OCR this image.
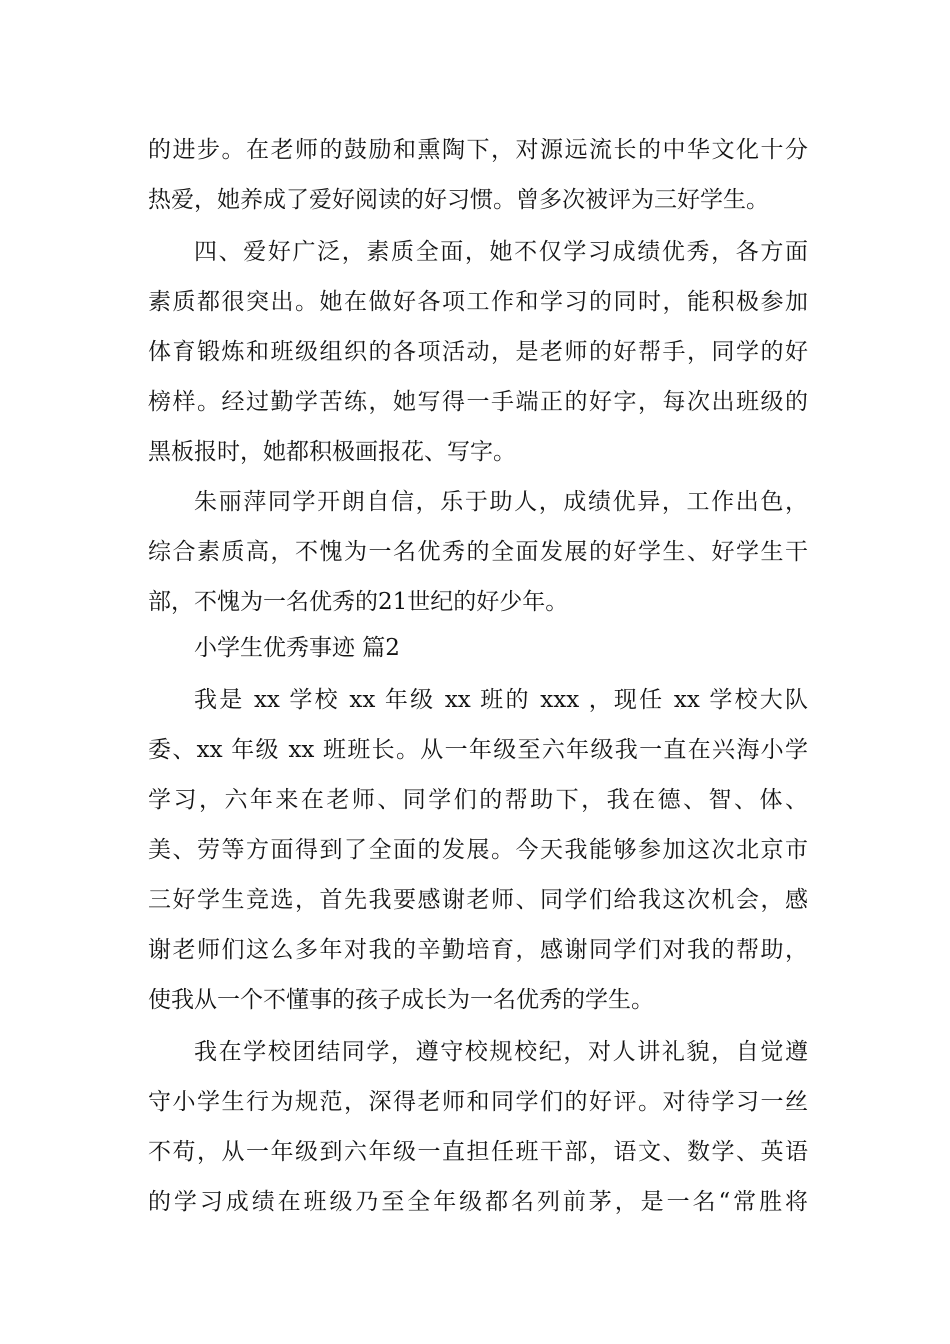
的进步。在老师的鼓励和熏陶下，对源远流长的中华文化十分
热爱，她养成了爱好阅读的好习惯。曾多次被评为三好学生。
四、爱好广泛，素质全面，她不仅学习成绩优秀，各方面
素质都很突出。她在做好各项工作和学习的同时，能积极参加
体育锻炼和班级组织的各项活动，是老师的好帮手，同学的好
榜样。经过勤学苦练，她写得一手端正的好字，每次出班级的
黑板报时，她都积极画报花、写字。
朱丽萍同学开朗自信，乐于助人，成绩优异，工作出色，
综合素质高，不愧为一名优秀的全面发展的好学生、好学生干
部，不愧为一名优秀的21世纪的好少年。
小学生优秀事迹 篇2
我是 xx 学校 xx 年级 xx 班的 xxx ，现任 xx 学校大队
委、xx 年级 xx 班班长。从一年级至六年级我一直在兴海小学
学习，六年来在老师、同学们的帮助下，我在德、智、体、
美、劳等方面得到了全面的发展。今天我能够参加这次北京市
三好学生竞选，首先我要感谢老师、同学们给我这次机会，感
谢老师们这么多年对我的辛勤培育，感谢同学们对我的帮助，
使我从一个不懂事的孩子成长为一名优秀的学生。
我在学校团结同学，遵守校规校纪，对人讲礼貌，自觉遵
守小学生行为规范，深得老师和同学们的好评。对待学习一丝
不苟，从一年级到六年级一直担任班干部，语文、数学、英语
的学习成绩在班级乃至全年级都名列前茅，是一名“常胜将
